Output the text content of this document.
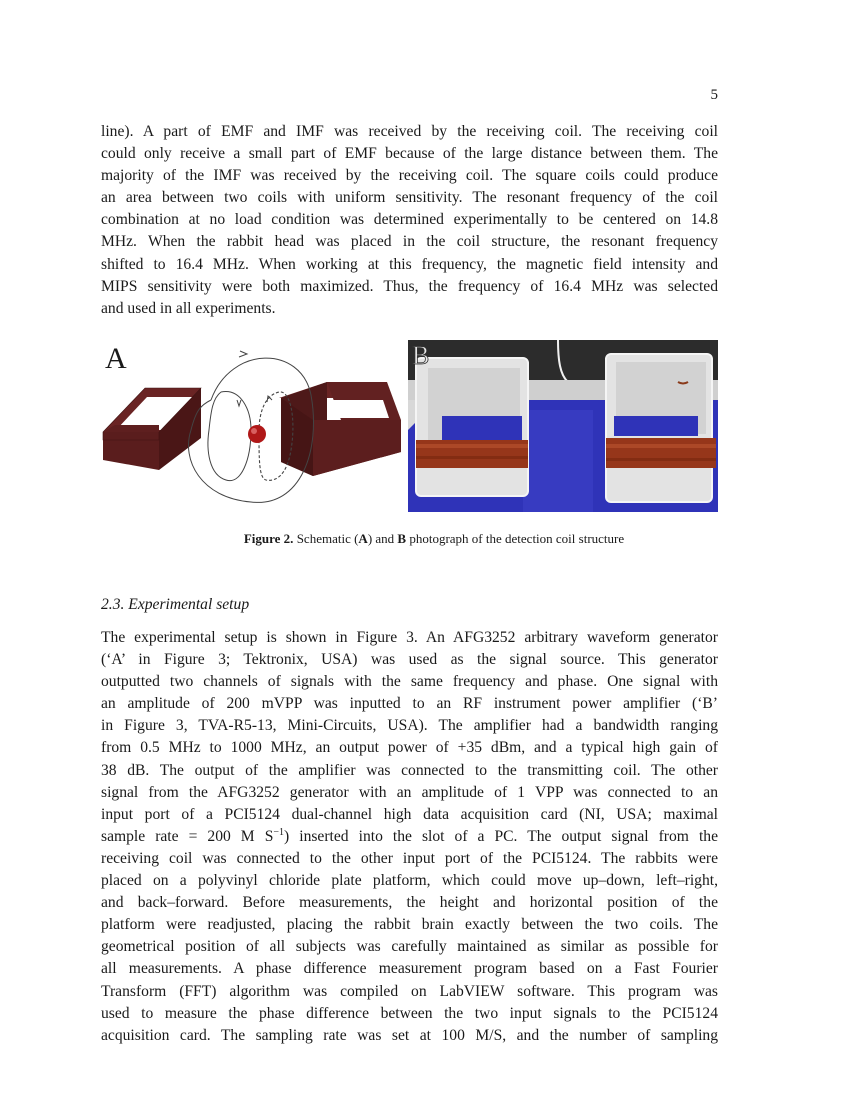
5
line). A part of EMF and IMF was received by the receiving coil. The receiving coil
could only receive a small part of EMF because of the large distance between them. The
majority of the IMF was received by the receiving coil. The square coils could produce
an area between two coils with uniform sensitivity. The resonant frequency of the coil
combination at no load condition was determined experimentally to be centered on 14.8
MHz. When the rabbit head was placed in the coil structure, the resonant frequency
shifted to 16.4 MHz. When working at this frequency, the magnetic field intensity and
MIPS sensitivity were both maximized. Thus, the frequency of 16.4 MHz was selected
and used in all experiments.
A	B
Figure 2. Schematic (A) and B photograph of the detection coil structure
2.3. Experimental setup
The experimental setup is shown in Figure 3. An AFG3252 arbitrary waveform generator
(‘A’ in Figure 3; Tektronix, USA) was used as the signal source. This generator
outputted two channels of signals with the same frequency and phase. One signal with
an amplitude of 200 mVPP was inputted to an RF instrument power amplifier (‘B’
in Figure 3, TVA-R5-13, Mini-Circuits, USA). The amplifier had a bandwidth ranging
from 0.5 MHz to 1000 MHz, an output power of +35 dBm, and a typical high gain of
38 dB. The output of the amplifier was connected to the transmitting coil. The other
signal from the AFG3252 generator with an amplitude of 1 VPP was connected to an
input port of a PCI5124 dual-channel high data acquisition card (NI, USA; maximal
sample rate = 200 M $S^{-1}$) inserted into the slot of a PC. The output signal from the
receiving coil was connected to the other input port of the PCI5124. The rabbits were
placed on a polyvinyl chloride plate platform, which could move up–down, left–right,
and back–forward. Before measurements, the height and horizontal position of the
platform were readjusted, placing the rabbit brain exactly between the two coils. The
geometrical position of all subjects was carefully maintained as similar as possible for
all measurements. A phase difference measurement program based on a Fast Fourier
Transform (FFT) algorithm was compiled on LabVIEW software. This program was
used to measure the phase difference between the two input signals to the PCI5124
acquisition card. The sampling rate was set at 100 M/S, and the number of sampling
